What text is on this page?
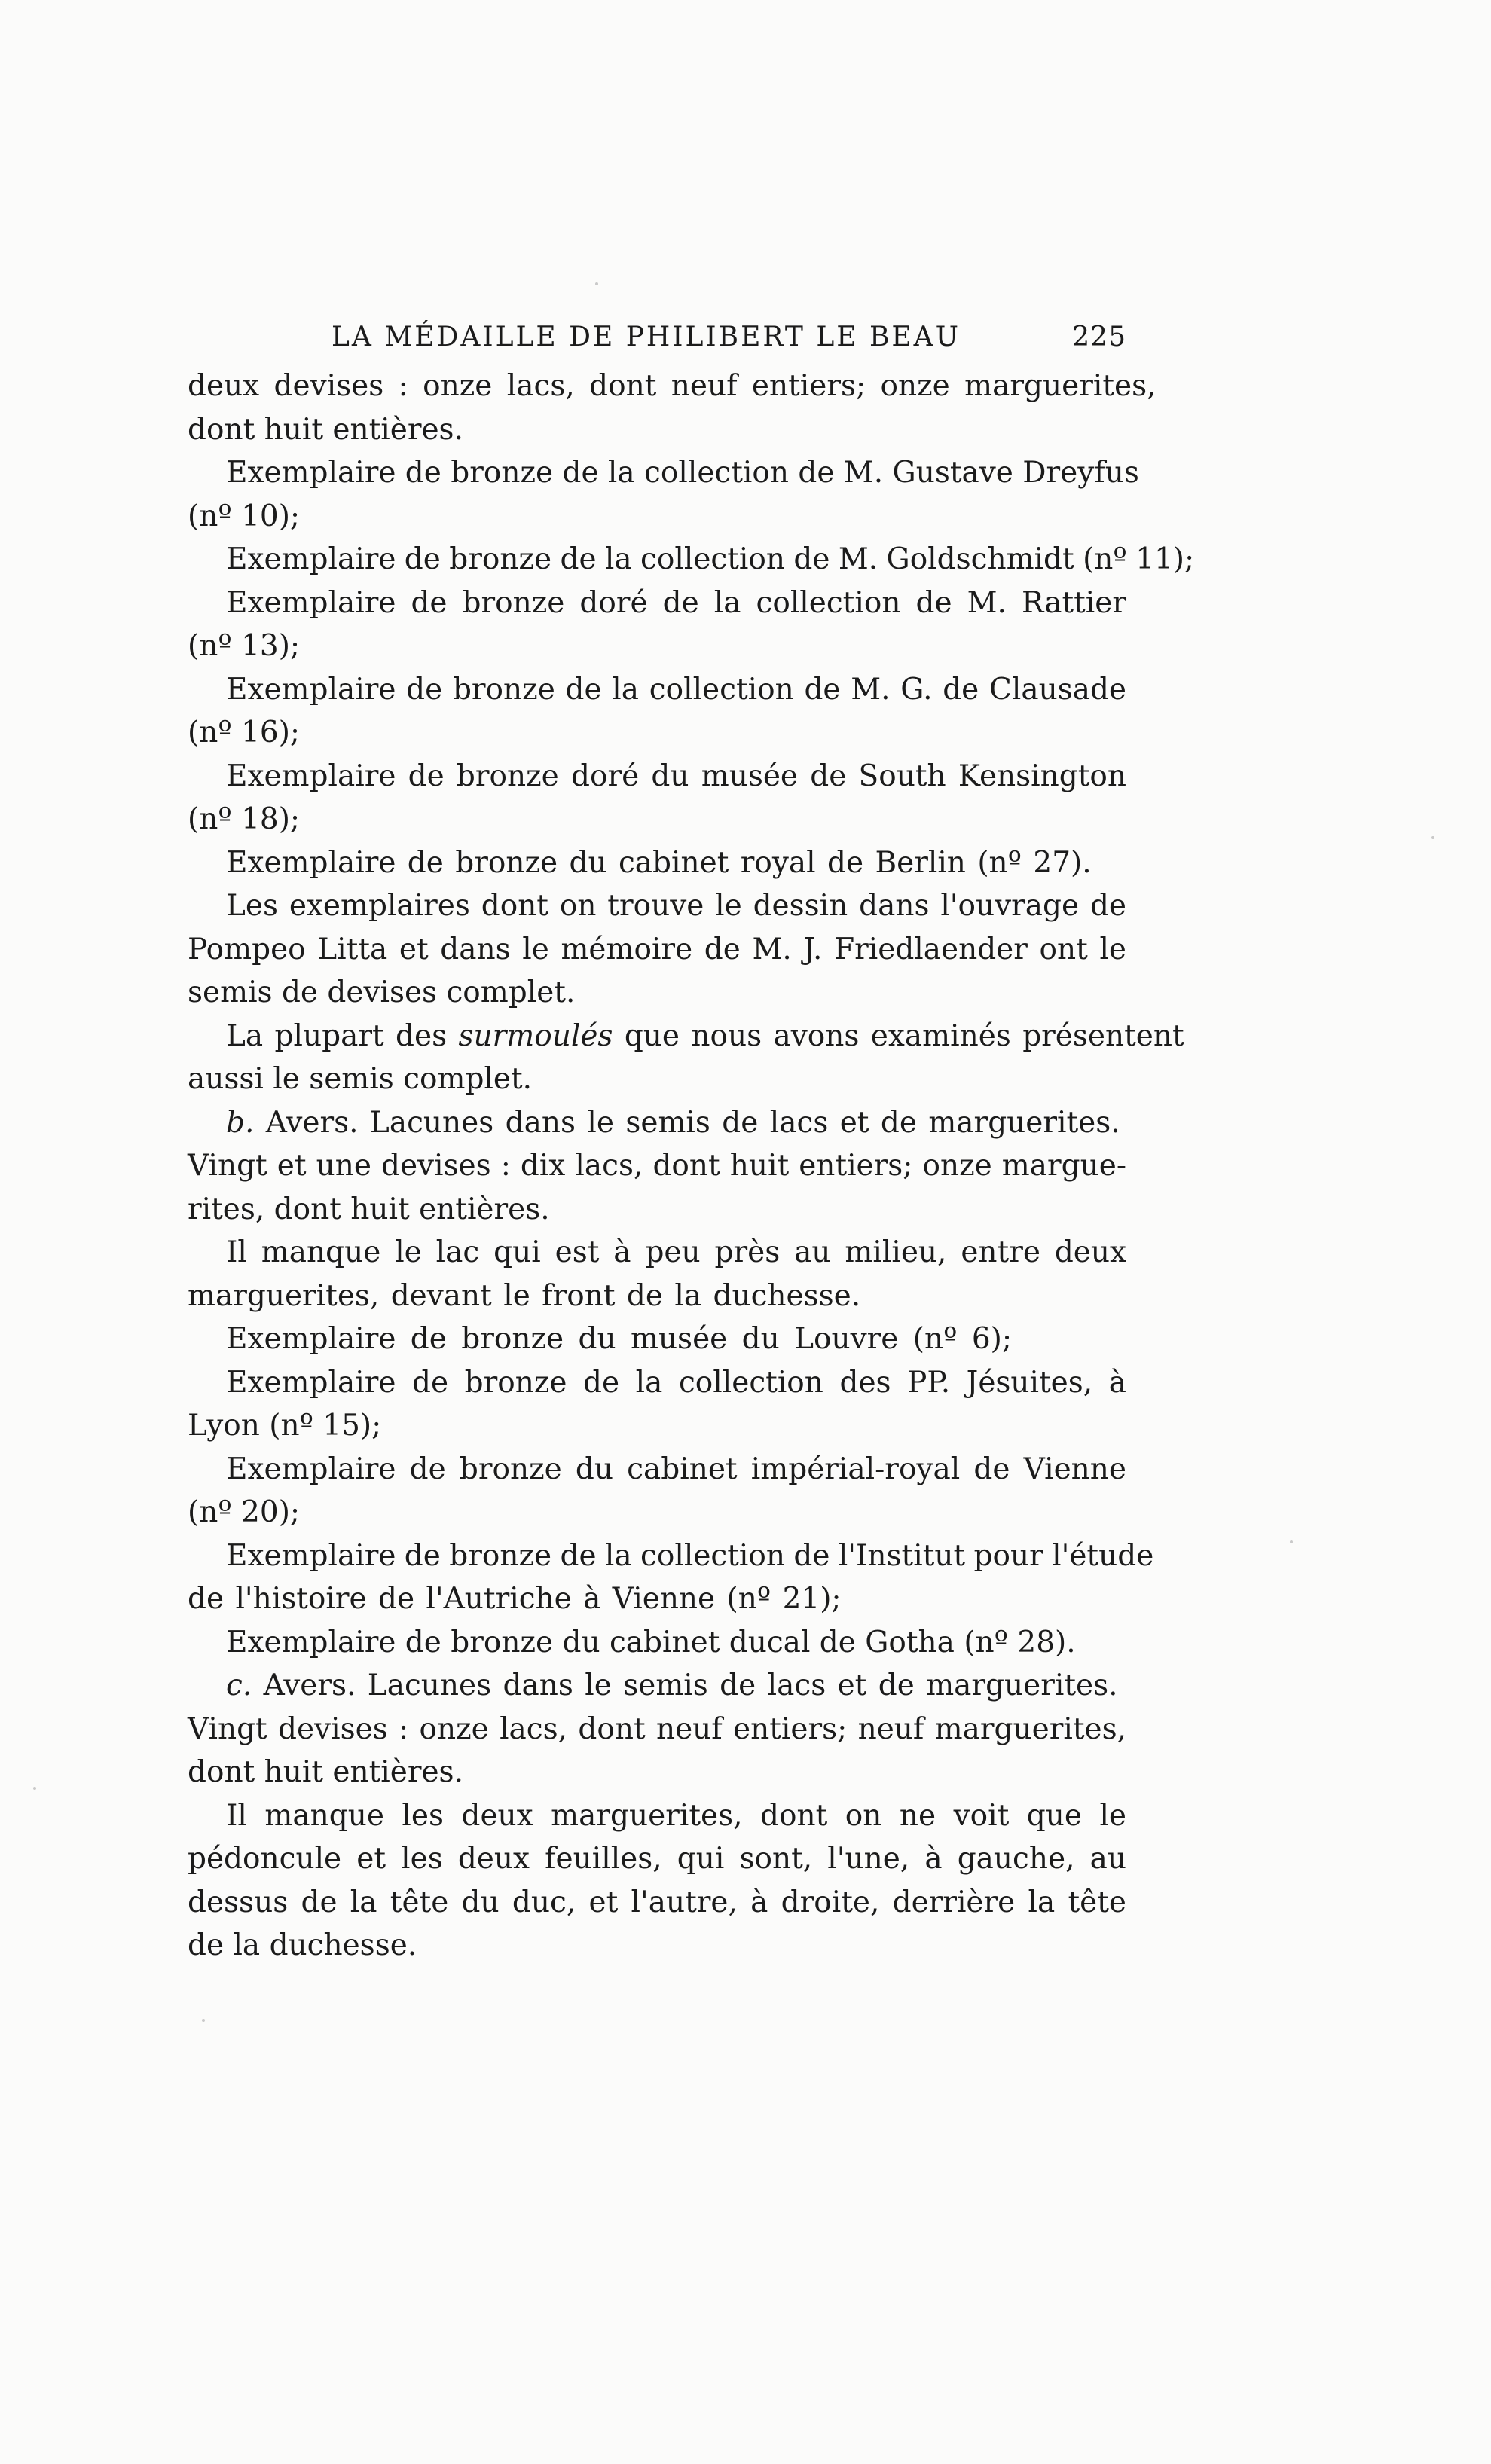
LA MÉDAILLE DE PHILIBERT LE BEAU	225
deux devises : onze lacs, dont neuf entiers; onze marguerites,
dont huit entières.
Exemplaire de bronze de la collection de M. Gustave Dreyfus
(nº 10);
Exemplaire de bronze de la collection de M. Goldschmidt (nº 11);
Exemplaire de bronze doré de la collection de M. Rattier
(nº 13);
Exemplaire de bronze de la collection de M. G. de Clausade
(nº 16);
Exemplaire de bronze doré du musée de South Kensington
(nº 18);
Exemplaire de bronze du cabinet royal de Berlin (nº 27).
Les exemplaires dont on trouve le dessin dans l'ouvrage de
Pompeo Litta et dans le mémoire de M. J. Friedlaender ont le
semis de devises complet.
La plupart des surmoulés que nous avons examinés présentent
aussi le semis complet.
b. Avers. Lacunes dans le semis de lacs et de marguerites.
Vingt et une devises : dix lacs, dont huit entiers; onze margue-
rites, dont huit entières.
Il manque le lac qui est à peu près au milieu, entre deux
marguerites, devant le front de la duchesse.
Exemplaire de bronze du musée du Louvre (nº 6);
Exemplaire de bronze de la collection des PP. Jésuites, à
Lyon (nº 15);
Exemplaire de bronze du cabinet impérial-royal de Vienne
(nº 20);
Exemplaire de bronze de la collection de l'Institut pour l'étude
de l'histoire de l'Autriche à Vienne (nº 21);
Exemplaire de bronze du cabinet ducal de Gotha (nº 28).
c. Avers. Lacunes dans le semis de lacs et de marguerites.
Vingt devises : onze lacs, dont neuf entiers; neuf marguerites,
dont huit entières.
Il manque les deux marguerites, dont on ne voit que le
pédoncule et les deux feuilles, qui sont, l'une, à gauche, au
dessus de la tête du duc, et l'autre, à droite, derrière la tête
de la duchesse.
